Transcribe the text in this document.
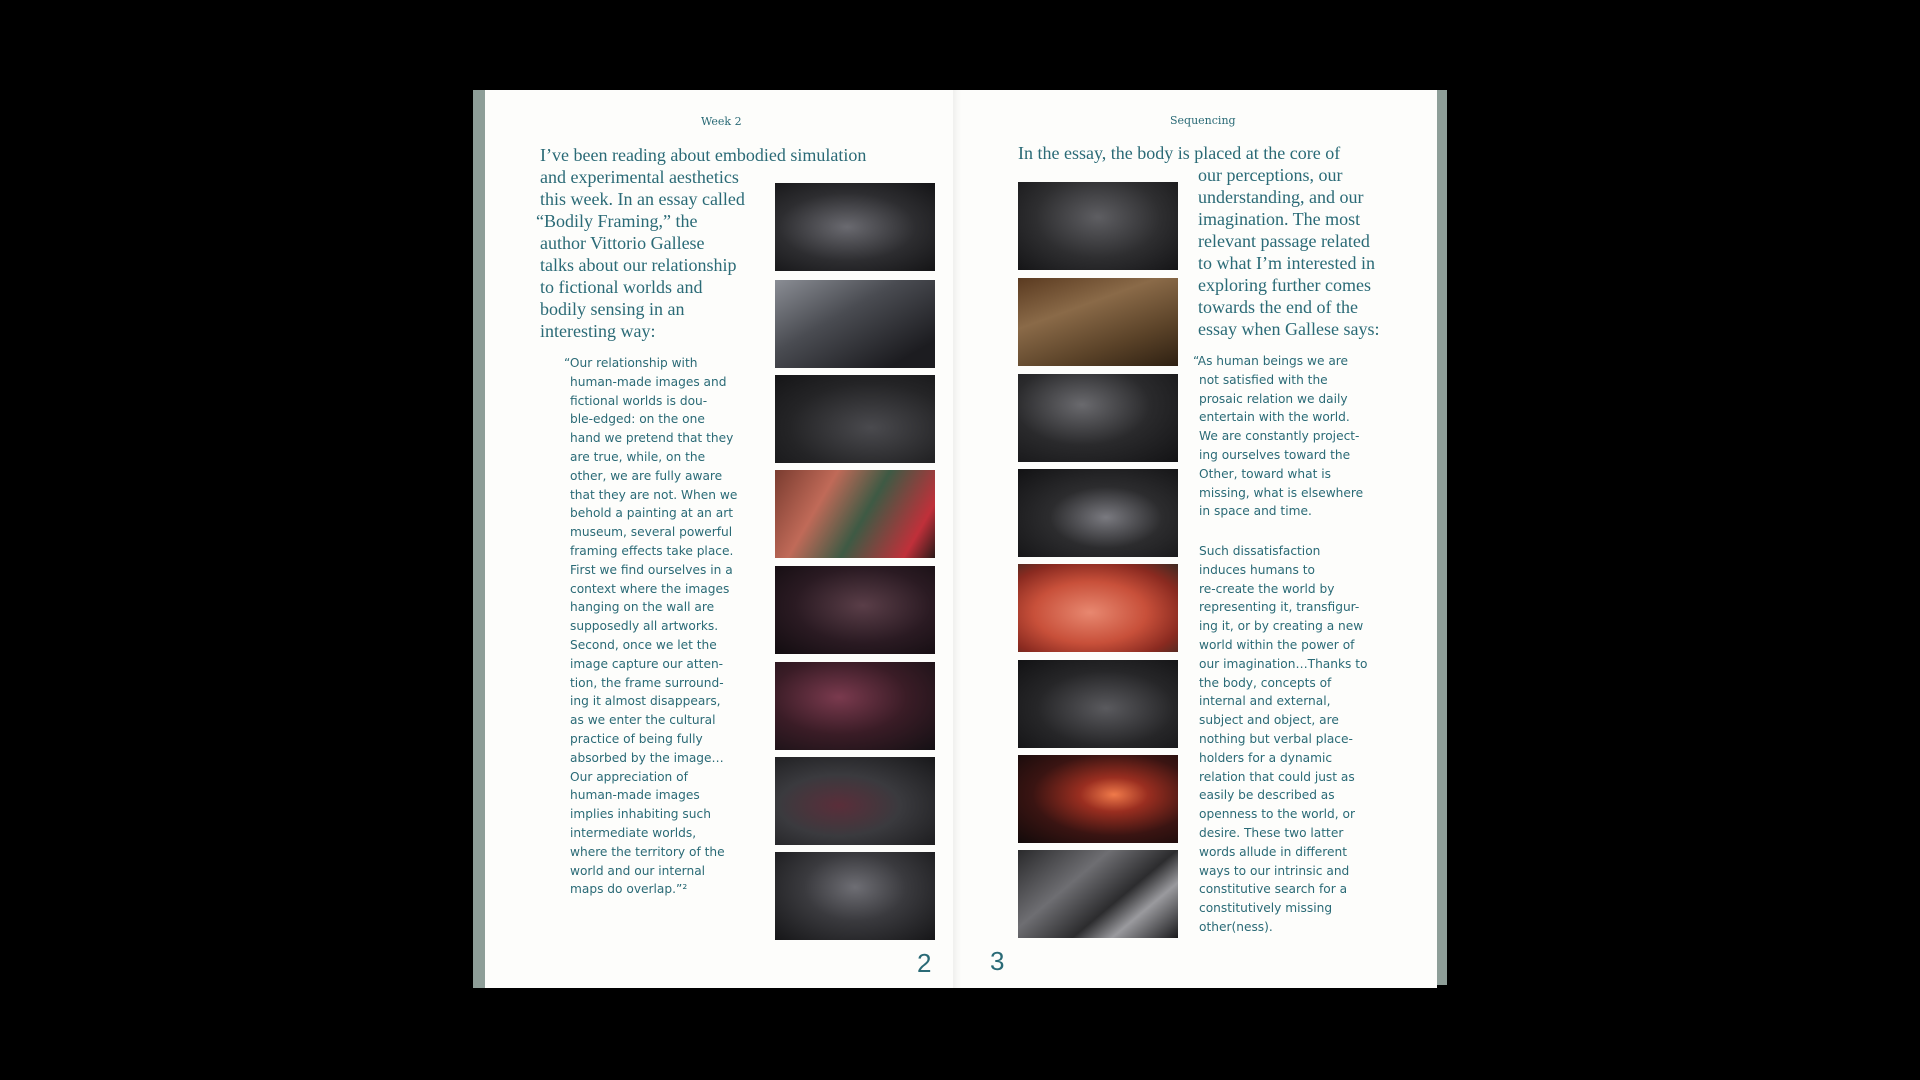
Week 2

I’ve been reading about embodied simulation

and experimental aesthetics

this week. In an essay called

“Bodily Framing,” the

author Vittorio Gallese

talks about our relationship

to fictional worlds and

bodily sensing in an

interesting way:

“Our relationship with
human-made images and
fictional worlds is dou-
ble-edged: on the one
hand we pretend that they
are true, while, on the
other, we are fully aware
that they are not. When we
behold a painting at an art
museum, several powerful
framing effects take place.
First we find ourselves in a
context where the images
hanging on the wall are
supposedly all artworks.
Second, once we let the
image capture our atten-
tion, the frame surround-
ing it almost disappears,
as we enter the cultural
practice of being fully
absorbed by the image…
Our appreciation of
human-made images
implies inhabiting such
intermediate worlds,
where the territory of the
world and our internal
maps do overlap.”²

2
Sequencing

In the essay, the body is placed at the core of

our perceptions, our

understanding, and our

imagination. The most

relevant passage related

to what I’m interested in

exploring further comes

towards the end of the

essay when Gallese says:

“As human beings we are
not satisfied with the
prosaic relation we daily
entertain with the world.
We are constantly project-
ing ourselves toward the
Other, toward what is
missing, what is elsewhere
in space and time.

Such dissatisfaction
induces humans to
re-create the world by
representing it, transfigur-
ing it, or by creating a new
world within the power of
our imagination…Thanks to
the body, concepts of
internal and external,
subject and object, are
nothing but verbal place-
holders for a dynamic
relation that could just as
easily be described as
openness to the world, or
desire. These two latter
words allude in different
ways to our intrinsic and
constitutive search for a
constitutively missing
other(ness).

3
